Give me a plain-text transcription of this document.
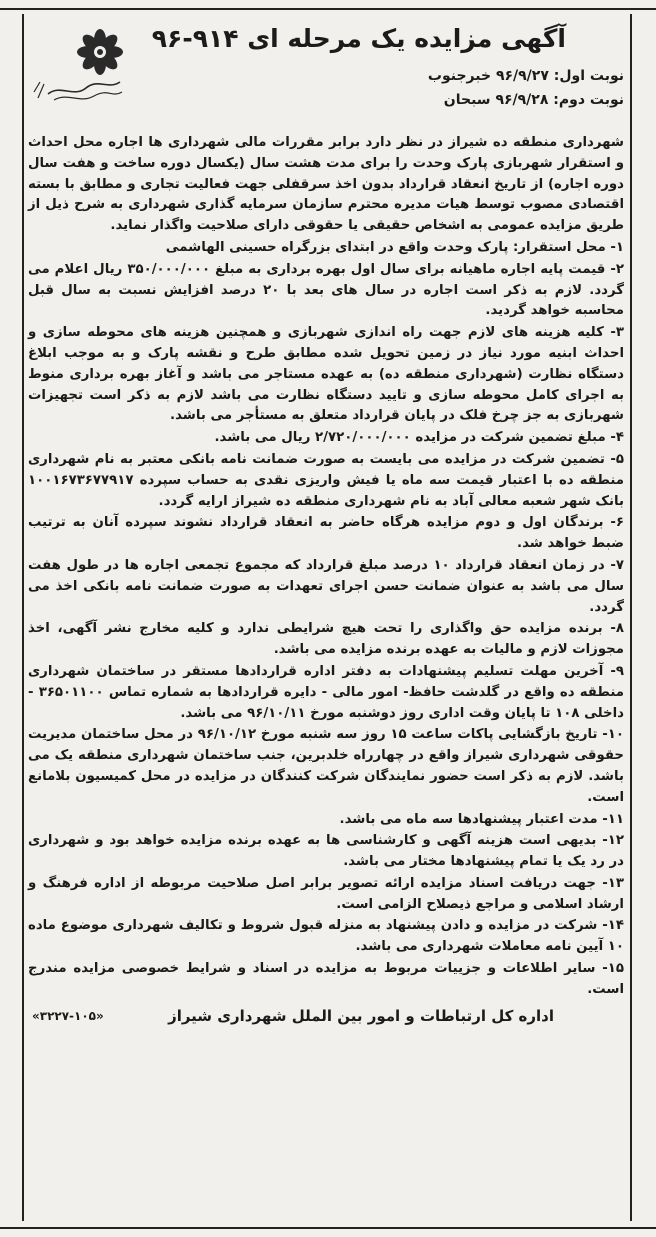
آگهی مزایده یک مرحله ای ۹۱۴-۹۶
نوبت اول: ۹۶/۹/۲۷ خبرجنوب
نوبت دوم: ۹۶/۹/۲۸ سبحان

شهرداری منطقه ده شیراز در نظر دارد برابر مقررات مالی شهرداری ها اجاره محل احداث و استقرار شهربازی پارک وحدت را برای مدت هشت سال (یکسال دوره ساخت و هفت سال دوره اجاره) از تاریخ انعقاد قرارداد بدون اخذ سرقفلی جهت فعالیت تجاری و مطابق با بسته اقتصادی مصوب توسط هیات مدیره محترم سازمان سرمایه گذاری شهرداری به شرح ذیل از طریق مزایده عمومی به اشخاص حقیقی یا حقوقی دارای صلاحیت واگذار نماید.

۱- محل استقرار: پارک وحدت واقع در ابتدای بزرگراه حسینی الهاشمی

۲- قیمت پایه اجاره ماهیانه برای سال اول بهره برداری به مبلغ ۳۵۰/۰۰۰/۰۰۰ ریال اعلام می گردد. لازم به ذکر است اجاره در سال های بعد با ۲۰ درصد افزایش نسبت به سال قبل محاسبه خواهد گردید.

۳- کلیه هزینه های لازم جهت راه اندازی شهربازی و همچنین هزینه های محوطه سازی و احداث ابنیه مورد نیاز در زمین تحویل شده مطابق طرح و نقشه پارک و به موجب ابلاغ دستگاه نظارت (شهرداری منطقه ده) به عهده مستاجر می باشد و آغاز بهره برداری منوط به اجرای کامل محوطه سازی و تایید دستگاه نظارت می باشد لازم به ذکر است تجهیزات شهربازی به جز چرخ فلک در پایان قرارداد متعلق به مستأجر می باشد.

۴- مبلغ تضمین شرکت در مزایده ۲/۷۲۰/۰۰۰/۰۰۰ ریال می باشد.

۵- تضمین شرکت در مزایده می بایست به صورت ضمانت نامه بانکی معتبر به نام شهرداری منطقه ده با اعتبار قیمت سه ماه یا فیش واریزی نقدی به حساب سپرده ۱۰۰۱۶۷۳۶۷۷۹۱۷ بانک شهر شعبه معالی آباد به نام شهرداری منطقه ده شیراز ارایه گردد.

۶- برندگان اول و دوم مزایده هرگاه حاضر به انعقاد قرارداد نشوند سپرده آنان به ترتیب ضبط خواهد شد.

۷- در زمان انعقاد قرارداد ۱۰ درصد مبلغ قرارداد که مجموع تجمعی اجاره ها در طول هفت سال می باشد به عنوان ضمانت حسن اجرای تعهدات به صورت ضمانت نامه بانکی اخذ می گردد.

۸- برنده مزایده حق واگذاری را تحت هیچ شرایطی ندارد و کلیه مخارج نشر آگهی، اخذ مجوزات لازم و مالیات به عهده برنده مزایده می باشد.

۹- آخرین مهلت تسلیم پیشنهادات به دفتر اداره قراردادها مستقر در ساختمان شهرداری منطقه ده واقع در گلدشت حافظ- امور مالی - دایره قراردادها به شماره تماس ۳۶۵۰۱۱۰۰ - داخلی ۱۰۸ تا پایان وقت اداری روز دوشنبه مورخ ۹۶/۱۰/۱۱ می باشد.

۱۰- تاریخ بازگشایی پاکات ساعت ۱۵ روز سه شنبه مورخ ۹۶/۱۰/۱۲ در محل ساختمان مدیریت حقوقی شهرداری شیراز واقع در چهارراه خلدبرین، جنب ساختمان شهرداری منطقه یک می باشد. لازم به ذکر است حضور نمایندگان شرکت کنندگان در مزایده در محل کمیسیون بلامانع است.

۱۱- مدت اعتبار پیشنهادها سه ماه می باشد.

۱۲- بدیهی است هزینه آگهی و کارشناسی ها به عهده برنده مزایده خواهد بود و شهرداری در رد یک یا تمام پیشنهادها مختار می باشد.

۱۳- جهت دریافت اسناد مزایده ارائه تصویر برابر اصل صلاحیت مربوطه از اداره فرهنگ و ارشاد اسلامی و مراجع ذیصلاح الزامی است.

۱۴- شرکت در مزایده و دادن پیشنهاد به منزله قبول شروط و تکالیف شهرداری موضوع ماده ۱۰ آیین نامه معاملات شهرداری می باشد.

۱۵- سایر اطلاعات و جزییات مربوط به مزایده در اسناد و شرایط خصوصی مزایده مندرج است.

اداره کل ارتباطات و امور بین الملل شهرداری شیراز
«۳۲۲۷-۱۰۵»
